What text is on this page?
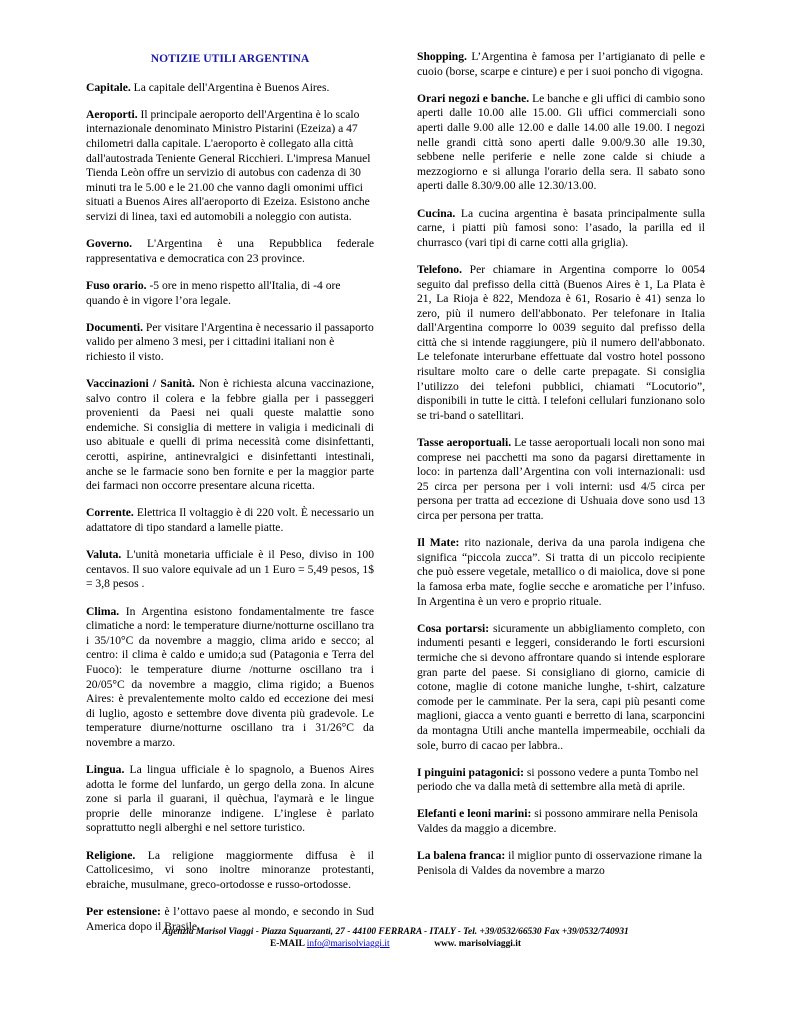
NOTIZIE UTILI ARGENTINA
Capitale. La capitale dell'Argentina è Buenos Aires.
Aeroporti. Il principale aeroporto dell'Argentina è lo scalo internazionale denominato Ministro Pistarini (Ezeiza) a 47 chilometri dalla capitale. L'aeroporto è collegato alla città dall'autostrada Teniente General Ricchieri. L'impresa Manuel Tienda Leòn offre un servizio di autobus con cadenza di 30 minuti tra le 5.00 e le 21.00 che vanno dagli omonimi uffici situati a Buenos Aires all'aeroporto di Ezeiza. Esistono anche servizi di linea, taxi ed automobili a noleggio con autista.
Governo. L'Argentina è una Repubblica federale rappresentativa e democratica con 23 province.
Fuso orario. -5 ore in meno rispetto all'Italia, di -4 ore quando è in vigore l’ora legale.
Documenti. Per visitare l'Argentina è necessario il passaporto valido per almeno 3 mesi, per i cittadini italiani non è richiesto il visto.
Vaccinazioni / Sanità. Non è richiesta alcuna vaccinazione, salvo contro il colera e la febbre gialla per i passeggeri provenienti da Paesi nei quali queste malattie sono endemiche. Si consiglia di mettere in valigia i medicinali di uso abituale e quelli di prima necessità come disinfettanti, cerotti, aspirine, antinevralgici e disinfettanti intestinali, anche se le farmacie sono ben fornite e per la maggior parte dei farmaci non occorre presentare alcuna ricetta.
Corrente. Elettrica Il voltaggio è di 220 volt. È necessario un adattatore di tipo standard a lamelle piatte.
Valuta. L'unità monetaria ufficiale è il Peso, diviso in 100 centavos. Il suo valore equivale ad un 1 Euro = 5,49 pesos, 1$ = 3,8 pesos .
Clima. In Argentina esistono fondamentalmente tre fasce climatiche a nord: le temperature diurne/notturne oscillano tra i 35/10°C da novembre a maggio, clima arido e secco; al centro: il clima è caldo e umido;a sud (Patagonia e Terra del Fuoco): le temperature diurne /notturne oscillano tra i 20/05°C da novembre a maggio, clima rigido; a Buenos Aires: è prevalentemente molto caldo ed eccezione dei mesi di luglio, agosto e settembre dove diventa più gradevole. Le temperature diurne/notturne oscillano tra i 31/26°C da novembre a marzo.
Lingua. La lingua ufficiale è lo spagnolo, a Buenos Aires adotta le forme del lunfardo, un gergo della zona. In alcune zone si parla il guarani, il quèchua, l'aymarà e le lingue proprie delle minoranze indigene. L’inglese è parlato soprattutto negli alberghi e nel settore turistico.
Religione. La religione maggiormente diffusa è il Cattolicesimo, vi sono inoltre minoranze protestanti, ebraiche, musulmane, greco-ortodosse e russo-ortodosse.
Per estensione: è l’ottavo paese al mondo, e secondo in Sud America dopo il Brasile.
Shopping. L’Argentina è famosa per l’artigianato di pelle e cuoio (borse, scarpe e cinture) e per i suoi poncho di vigogna.
Orari negozi e banche. Le banche e gli uffici di cambio sono aperti dalle 10.00 alle 15.00. Gli uffici commerciali sono aperti dalle 9.00 alle 12.00 e dalle 14.00 alle 19.00. I negozi nelle grandi città sono aperti dalle 9.00/9.30 alle 19.30, sebbene nelle periferie e nelle zone calde si chiude a mezzogiorno e si allunga l'orario della sera. Il sabato sono aperti dalle 8.30/9.00 alle 12.30/13.00.
Cucina. La cucina argentina è basata principalmente sulla carne, i piatti più famosi sono: l’asado, la parilla ed il churrasco (vari tipi di carne cotti alla griglia).
Telefono. Per chiamare in Argentina comporre lo 0054 seguito dal prefisso della città (Buenos Aires è 1, La Plata è 21, La Rioja è 822, Mendoza è 61, Rosario è 41) senza lo zero, più il numero dell'abbonato. Per telefonare in Italia dall'Argentina comporre lo 0039 seguito dal prefisso della città che si intende raggiungere, più il numero dell'abbonato. Le telefonate interurbane effettuate dal vostro hotel possono risultare molto care o delle carte prepagate. Si consiglia l’utilizzo dei telefoni pubblici, chiamati “Locutorio”, disponibili in tutte le città. I telefoni cellulari funzionano solo se tri-band o satellitari.
Tasse aeroportuali. Le tasse aeroportuali locali non sono mai comprese nei pacchetti ma sono da pagarsi direttamente in loco: in partenza dall’Argentina con voli internazionali: usd 25 circa per persona per i voli interni: usd 4/5 circa per persona per tratta ad eccezione di Ushuaia dove sono usd 13 circa per persona per tratta.
Il Mate: rito nazionale, deriva da una parola indigena che significa “piccola zucca”. Si tratta di un piccolo recipiente che può essere vegetale, metallico o di maiolica, dove si pone la famosa erba mate, foglie secche e aromatiche per l’infuso. In Argentina è un vero e proprio rituale.
Cosa portarsi: sicuramente un abbigliamento completo, con indumenti pesanti e leggeri, considerando le forti escursioni termiche che si devono affrontare quando si intende esplorare gran parte del paese. Si consigliano di giorno, camicie di cotone, maglie di cotone maniche lunghe, t-shirt, calzature comode per le camminate. Per la sera, capi più pesanti come maglioni, giacca a vento guanti e berretto di lana, scarponcini da montagna Utili anche mantella impermeabile, occhiali da sole, burro di cacao per labbra..
I pinguini patagonici: si possono vedere a punta Tombo nel periodo che va dalla metà di settembre alla metà di aprile.
Elefanti e leoni marini: si possono ammirare nella Penisola Valdes da maggio a dicembre.
La balena franca: il miglior punto di osservazione rimane la Penisola di Valdes da novembre a marzo
Agenzia Marisol Viaggi - Piazza Squarzanti, 27 - 44100 FERRARA - ITALY - Tel. +39/0532/66530 Fax +39/0532/740931
E-MAIL info@marisolviaggi.it	www. marisolviaggi.it
